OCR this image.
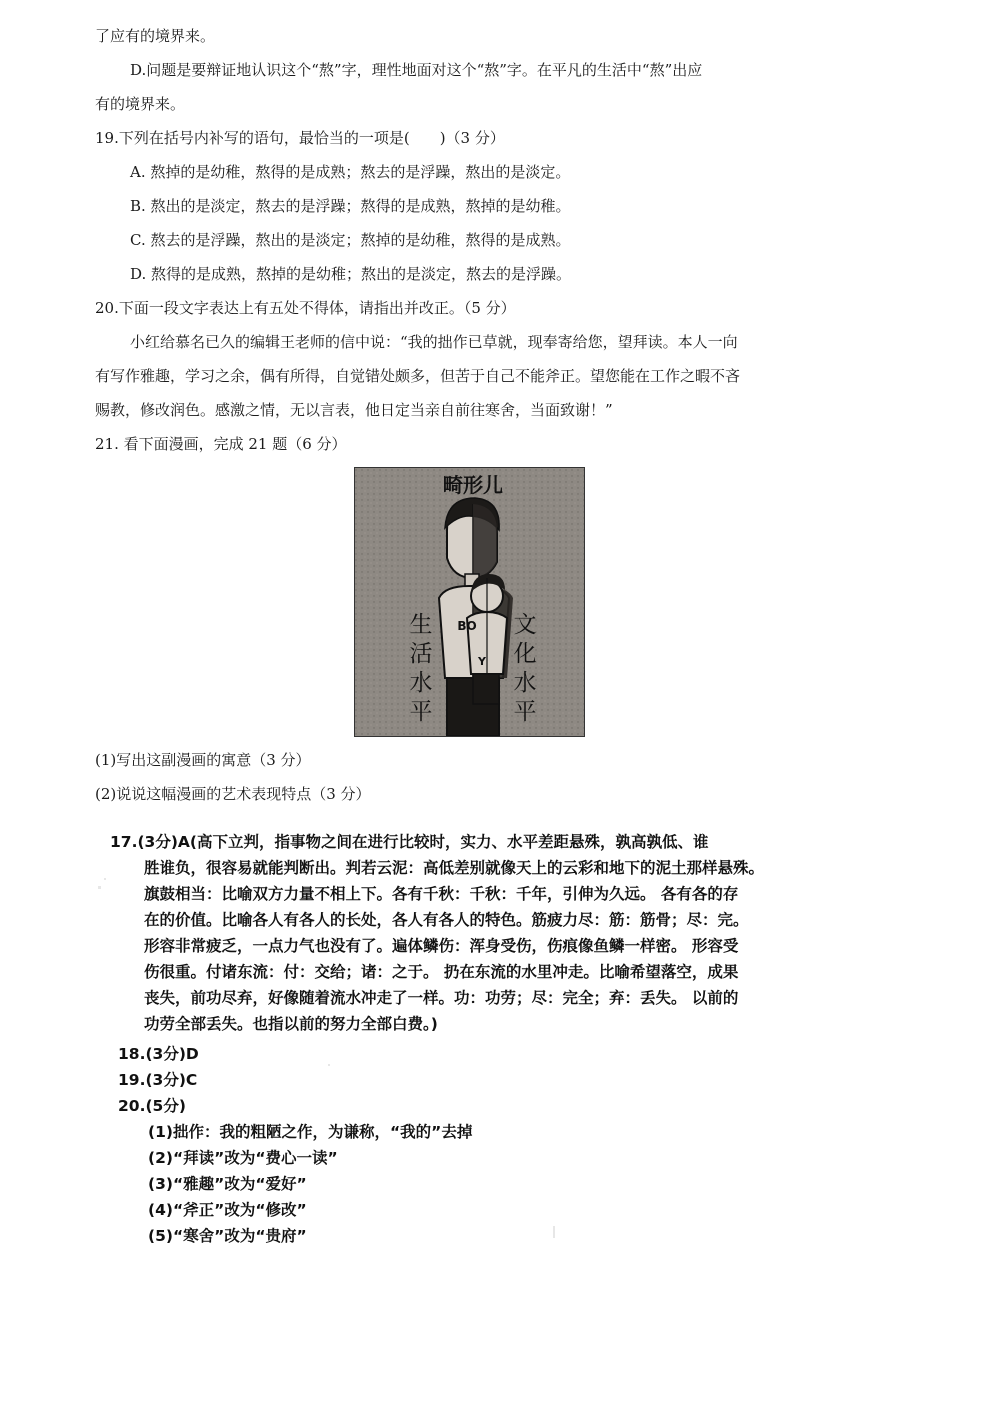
了应有的境界来。
D.问题是要辩证地认识这个“熬”字，理性地面对这个“熬”字。在平凡的生活中“熬”出应
有的境界来。
19.下列在括号内补写的语句，最恰当的一项是(　　)（3 分）
A. 熬掉的是幼稚，熬得的是成熟；熬去的是浮躁，熬出的是淡定。
B. 熬出的是淡定，熬去的是浮躁；熬得的是成熟，熬掉的是幼稚。
C. 熬去的是浮躁，熬出的是淡定；熬掉的是幼稚，熬得的是成熟。
D. 熬得的是成熟，熬掉的是幼稚；熬出的是淡定，熬去的是浮躁。
20.下面一段文字表达上有五处不得体，请指出并改正。（5 分）
小红给慕名已久的编辑王老师的信中说：“我的拙作已草就，现奉寄给您，望拜读。本人一向
有写作雅趣，学习之余，偶有所得，自觉错处颇多，但苦于自己不能斧正。望您能在工作之暇不吝
赐教，修改润色。感激之情，无以言表，他日定当亲自前往寒舍，当面致谢！”
21. 看下面漫画，完成 21 题（6 分）
畸形儿
BO
Y
生
活
水
平
文
化
水
平
(1)写出这副漫画的寓意（3 分）
(2)说说这幅漫画的艺术表现特点（3 分）
17.(3分)A(高下立判，指事物之间在进行比较时，实力、水平差距悬殊，孰高孰低、谁
胜谁负，很容易就能判断出。判若云泥：高低差别就像天上的云彩和地下的泥土那样悬殊。
旗鼓相当：比喻双方力量不相上下。各有千秋：千秋：千年，引伸为久远。 各有各的存
在的价值。比喻各人有各人的长处，各人有各人的特色。筋疲力尽：筋：筋骨；尽：完。
形容非常疲乏，一点力气也没有了。遍体鳞伤：浑身受伤，伤痕像鱼鳞一样密。 形容受
伤很重。付诸东流：付：交给；诸：之于。 扔在东流的水里冲走。比喻希望落空，成果
丧失，前功尽弃，好像随着流水冲走了一样。功：功劳；尽：完全；弃：丢失。 以前的
功劳全部丢失。也指以前的努力全部白费。)
18.(3分)D
19.(3分)C
20.(5分)
(1)拙作：我的粗陋之作，为谦称，“我的”去掉
(2)“拜读”改为“费心一读”
(3)“雅趣”改为“爱好”
(4)“斧正”改为“修改”
(5)“寒舍”改为“贵府”
